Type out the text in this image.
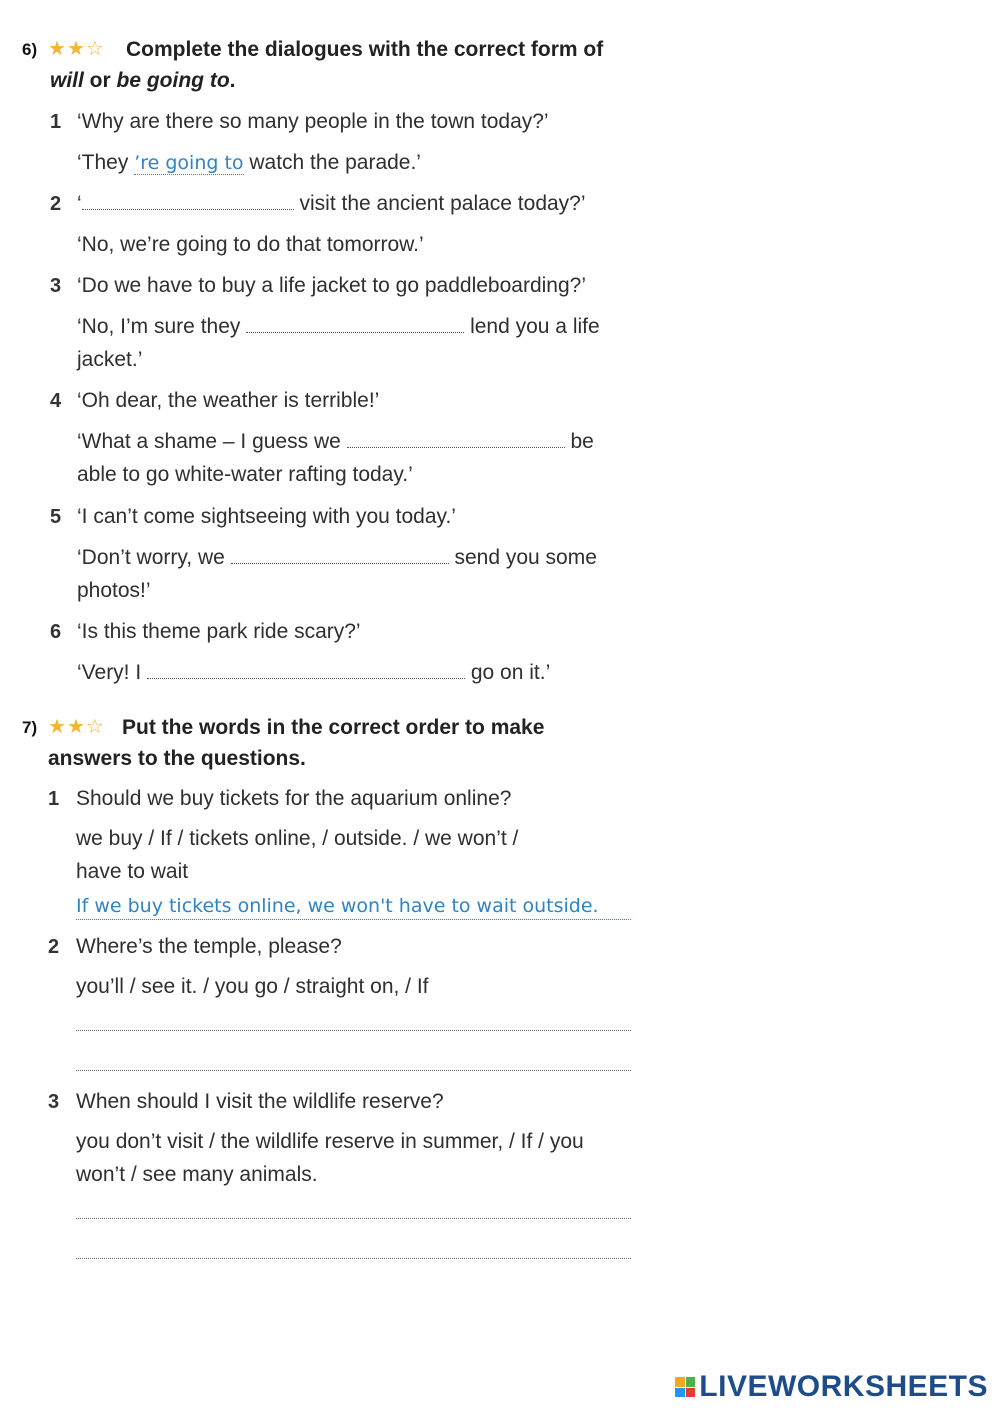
6) ★ ★ ☆ Complete the dialogues with the correct form of
will or be going to.
1 ‘Why are there so many people in the town today?’
‘They ’re going to watch the parade.’
2 ‘	visit the ancient palace today?’
‘No, we’re going to do that tomorrow.’
3 ‘Do we have to buy a life jacket to go paddleboarding?’
‘No, I’m sure they	lend you a life
jacket.’
4 ‘Oh dear, the weather is terrible!’
‘What a shame – I guess we	be
able to go white-water rafting today.’
5 ‘I can’t come sightseeing with you today.’
‘Don’t worry, we	send you some
photos!’
6 ‘Is this theme park ride scary?’
‘Very! I	go on it.’
7) ★ ★ ☆ Put the words in the correct order to make
answers to the questions.
1 Should we buy tickets for the aquarium online?
we buy / If / tickets online, / outside. / we won’t /
have to wait
If we buy tickets online, we won't have to wait outside.
2 Where’s the temple, please?
you’ll / see it. / you go / straight on, / If
3 When should I visit the wildlife reserve?
you don’t visit / the wildlife reserve in summer, / If / you
won’t / see many animals.
LIVEWORKSHEETS
